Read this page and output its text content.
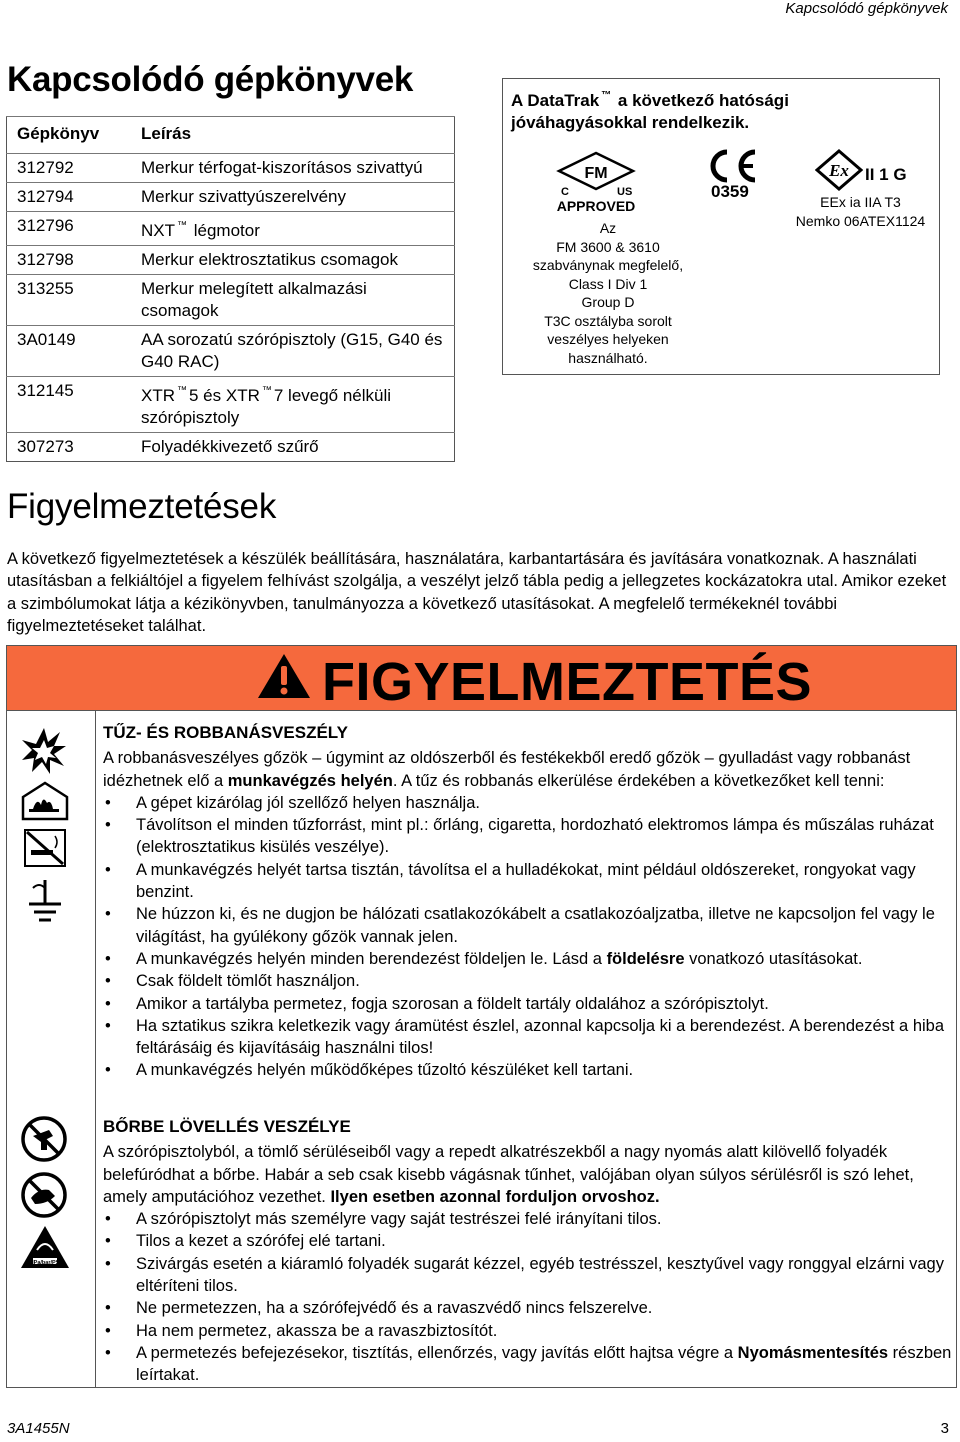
Kapcsolódó gépkönyvek
Kapcsolódó gépkönyvek
Gépkönyv	Leírás
312792	Merkur térfogat-kiszorításos szivattyú
312794	Merkur szivattyúszerelvény
312796	NXT ™ légmotor
312798	Merkur elektrosztatikus csomagok
313255	Merkur melegített alkalmazási csomagok
3A0149	AA sorozatú szórópisztoly (G15, G40 és G40 RAC)
312145	XTR ™ 5 és XTR ™ 7 levegő nélküli szórópisztoly
307273	Folyadékkivezető szűrő
A DataTrak ™ a következő hatósági
jóváhagyásokkal rendelkezik.
FM
C	US
APPROVED
Az
FM 3600 & 3610
szabványnak megfelelő,
Class I Div 1
Group D
T3C osztályba sorolt
veszélyes helyeken
használható.
0359
Ex II 1 G
EEx ia IIA T3
Nemko 06ATEX1124
Figyelmeztetések
A következő figyelmeztetések a készülék beállítására, használatára, karbantartására és javítására vonatkoznak. A használati utasításban a felkiáltójel a figyelem felhívást szolgálja, a veszélyt jelző tábla pedig a jellegzetes kockázatokra utal. Amikor ezeket a szimbólumokat látja a kézikönyvben, tanulmányozza a következő utasításokat. A megfelelő termékeknél további figyelmeztetéseket találhat.
FIGYELMEZTETÉS
MPa/bar/PSI
TŰZ- ÉS ROBBANÁSVESZÉLY
A robbanásveszélyes gőzök – úgymint az oldószerből és festékekből eredő gőzök – gyulladást vagy robbanást idézhetnek elő a munkavégzés helyén. A tűz és robbanás elkerülése érdekében a következőket kell tenni:
• A gépet kizárólag jól szellőző helyen használja.
• Távolítson el minden tűzforrást, mint pl.: őrláng, cigaretta, hordozható elektromos lámpa és műszálas ruházat (elektrosztatikus kisülés veszélye).
• A munkavégzés helyét tartsa tisztán, távolítsa el a hulladékokat, mint például oldószereket, rongyokat vagy benzint.
• Ne húzzon ki, és ne dugjon be hálózati csatlakozókábelt a csatlakozóaljzatba, illetve ne kapcsoljon fel vagy le világítást, ha gyúlékony gőzök vannak jelen.
• A munkavégzés helyén minden berendezést földeljen le. Lásd a földelésre vonatkozó utasításokat.
• Csak földelt tömlőt használjon.
• Amikor a tartályba permetez, fogja szorosan a földelt tartály oldalához a szórópisztolyt.
• Ha sztatikus szikra keletkezik vagy áramütést észlel, azonnal kapcsolja ki a berendezést. A berendezést a hiba feltárásáig és kijavításáig használni tilos!
• A munkavégzés helyén működőképes tűzoltó készüléket kell tartani.
BŐRBE LÖVELLÉS VESZÉLYE
A szórópisztolyból, a tömlő sérüléseiből vagy a repedt alkatrészekből a nagy nyomás alatt kilövellő folyadék belefúródhat a bőrbe. Habár a seb csak kisebb vágásnak tűnhet, valójában olyan súlyos sérülésről is szó lehet, amely amputációhoz vezethet. Ilyen esetben azonnal forduljon orvoshoz.
• A szórópisztolyt más személyre vagy saját testrészei felé irányítani tilos.
• Tilos a kezet a szórófej elé tartani.
• Szivárgás esetén a kiáramló folyadék sugarát kézzel, egyéb testrésszel, kesztyűvel vagy ronggyal elzárni vagy eltéríteni tilos.
• Ne permetezzen, ha a szórófejvédő és a ravaszvédő nincs felszerelve.
• Ha nem permetez, akassza be a ravaszbiztosítót.
• A permetezés befejezésekor, tisztítás, ellenőrzés, vagy javítás előtt hajtsa végre a Nyomásmentesítés részben leírtakat.
3A1455N	3
